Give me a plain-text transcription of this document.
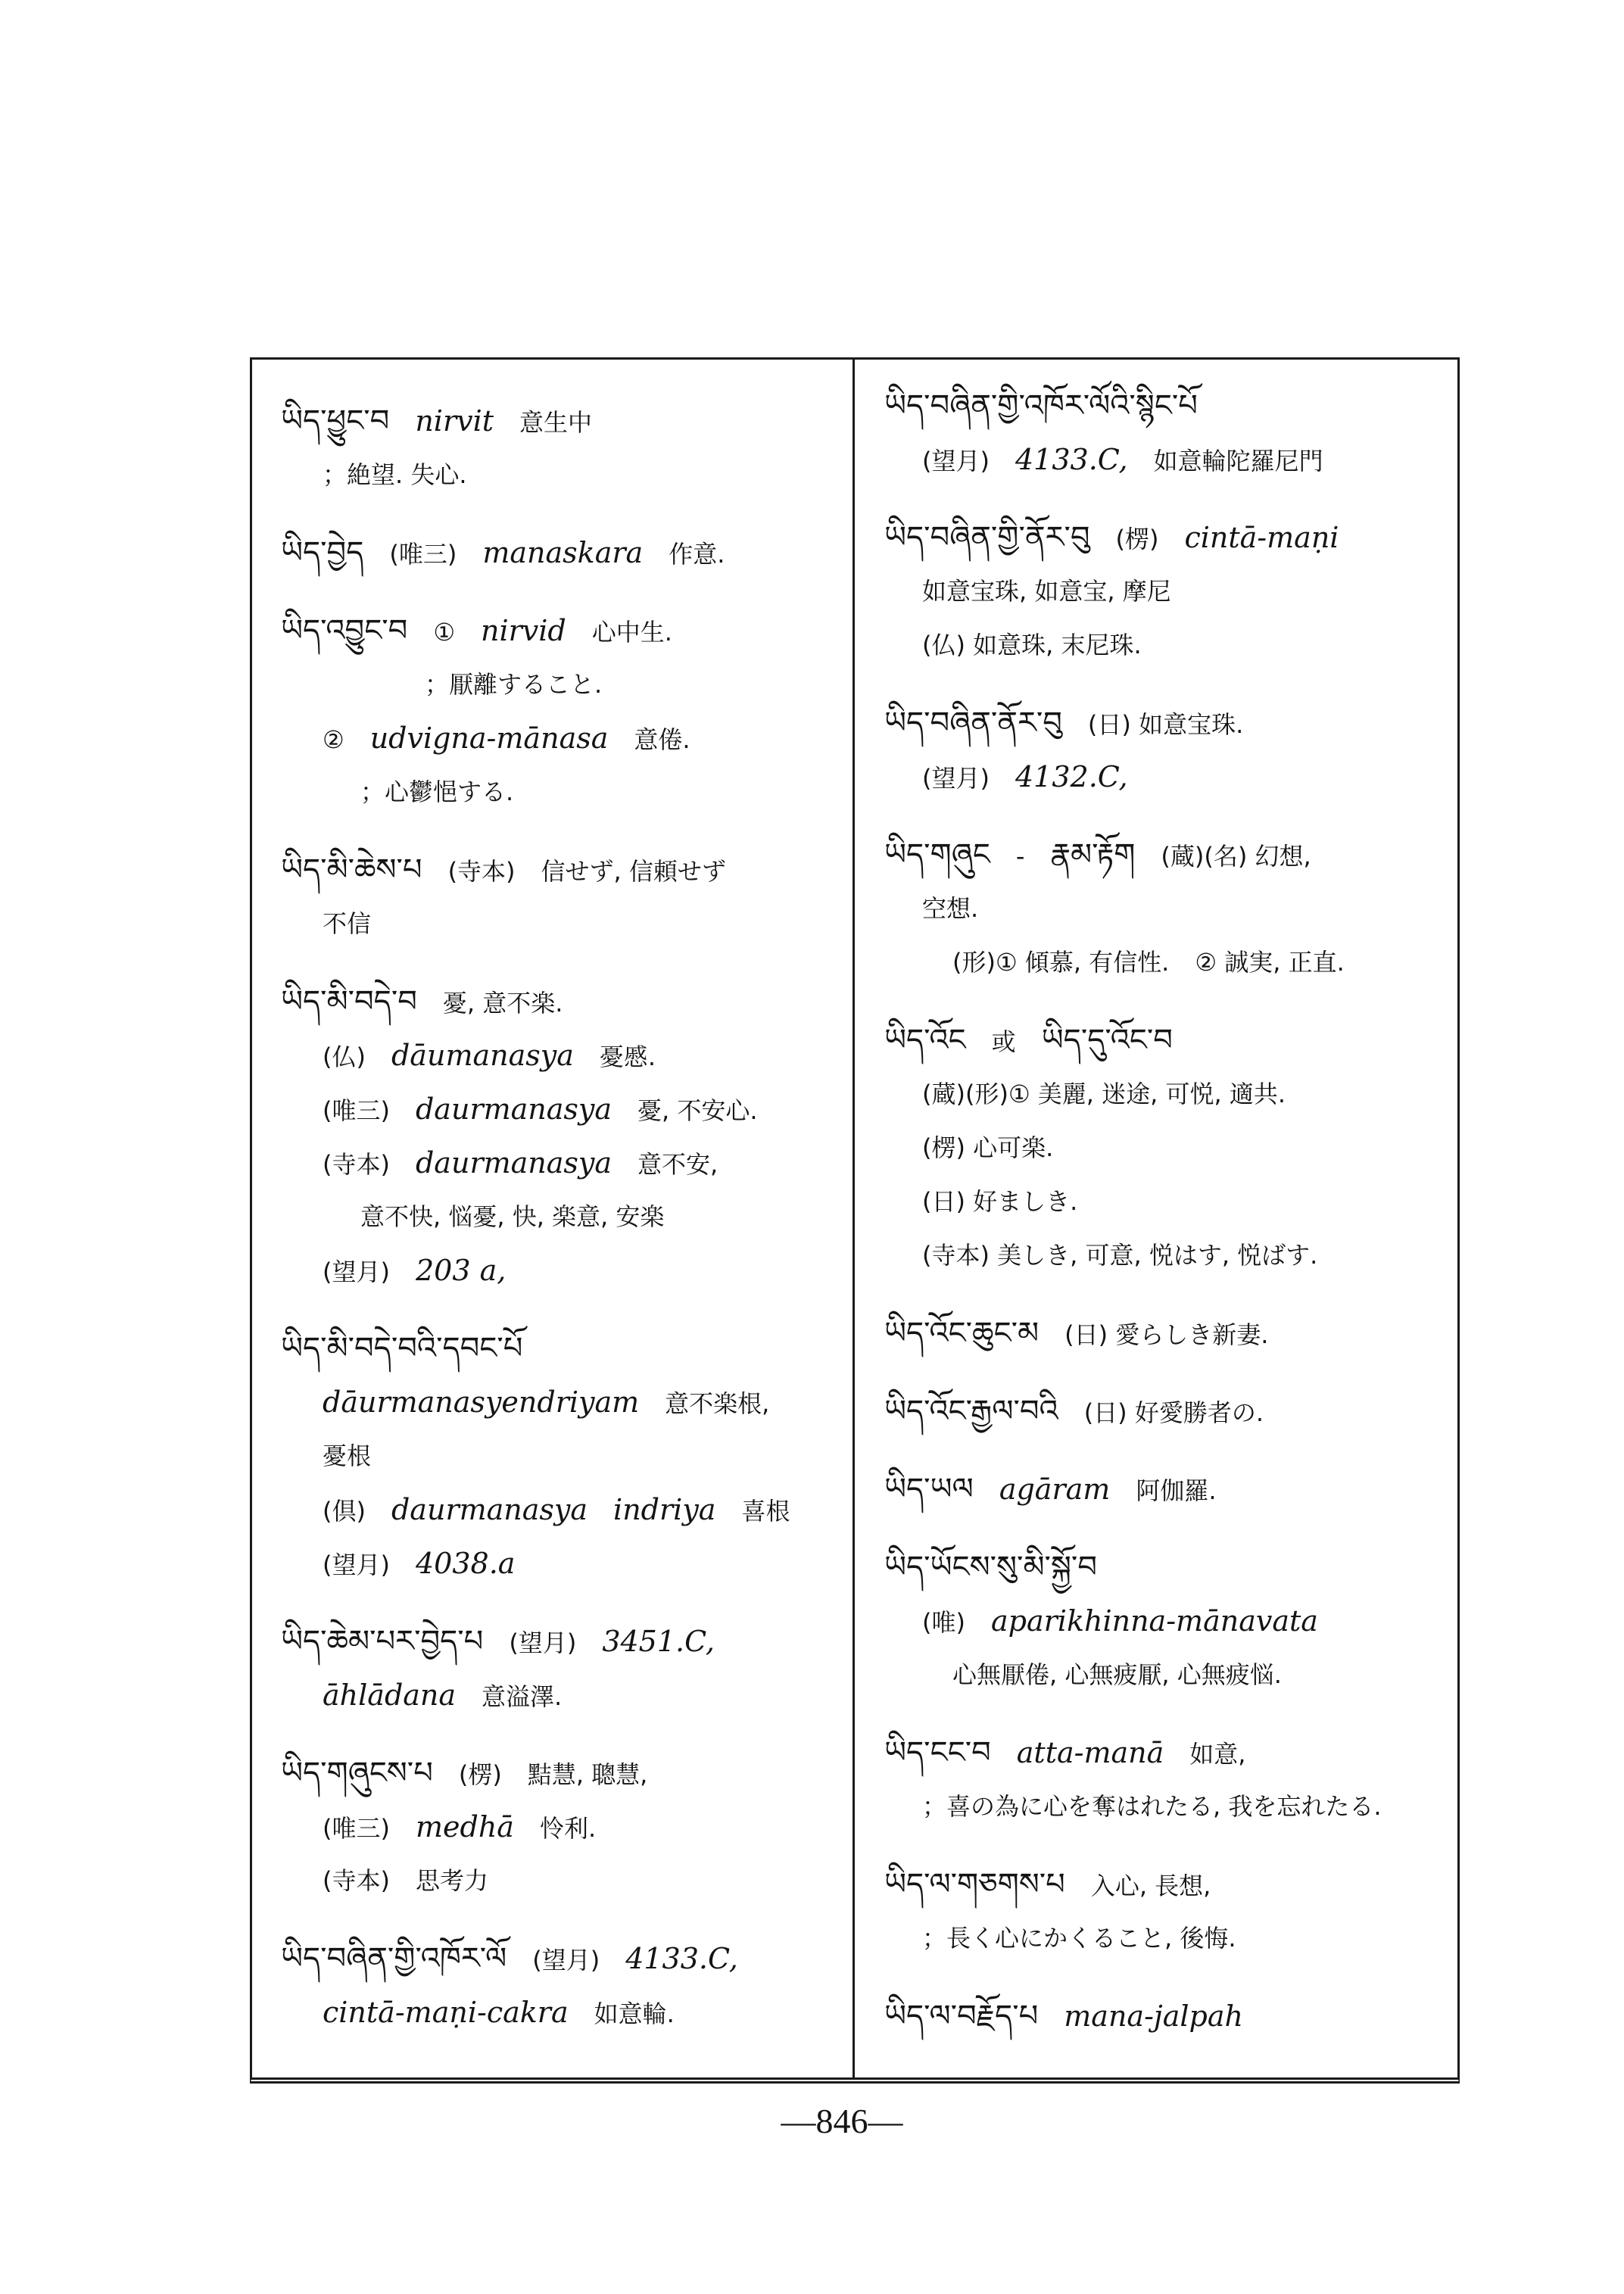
ཡིད་ཕྱུང་བ nirvit 意生中
；絶望. 失心.
ཡིད་བྱེད (唯三) manaskara 作意.
ཡིད་འབྱུང་བ ① nirvid 心中生.
；厭離すること.
② udvigna-mānasa 意倦.
；心鬱悒する.
ཡིད་མི་ཆེས་པ (寺本) 信せず, 信頼せず
不信
ཡིད་མི་བདེ་བ 憂, 意不楽.
(仏) dāumanasya 憂慼.
(唯三) daurmanasya 憂, 不安心.
(寺本) daurmanasya 意不安,
意不快, 悩憂, 快, 楽意, 安楽
(望月) 203 a,
ཡིད་མི་བདེ་བའི་དབང་པོ
dāurmanasyendriyam 意不楽根,
憂根
(倶) daurmanasya indriya 喜根
(望月) 4038.a
ཡིད་ཆེམ་པར་བྱེད་པ (望月) 3451.C,
āhlādana 意溢澤.
ཡིད་གཞུངས་པ (楞) 黠慧, 聰慧,
(唯三) medhā 怜利.
(寺本) 思考力
ཡིད་བཞིན་གྱི་འཁོར་ལོ (望月) 4133.C,
cintā-maṇi-cakra 如意輪.
ཡིད་བཞིན་གྱི་འཁོར་ལོའི་སྙིང་པོ
(望月) 4133.C, 如意輪陀羅尼門
ཡིད་བཞིན་གྱི་ནོར་བུ (楞) cintā-maṇi
如意宝珠, 如意宝, 摩尼
(仏) 如意珠, 末尼珠.
ཡིད་བཞིན་ནོར་བུ (日) 如意宝珠.
(望月) 4132.C,
ཡིད་གཞུང - རྣམ་རྟོག (蔵)(名) 幻想,
空想.
(形)① 傾慕, 有信性. ② 誠実, 正直.
ཡིད་འོང 或 ཡིད་དུ་འོང་བ
(蔵)(形)① 美麗, 迷途, 可悦, 適共.
(楞) 心可楽.
(日) 好ましき.
(寺本) 美しき, 可意, 悦はす, 悦ばす.
ཡིད་འོང་ཆུང་མ (日) 愛らしき新妻.
ཡིད་འོང་རྒྱལ་བའི (日) 好愛勝者の.
ཡིད་ཡལ agāram 阿伽羅.
ཡིད་ཡོངས་སུ་མི་སྐྱོ་བ
(唯) aparikhinna-mānavata
心無厭倦, 心無疲厭, 心無疲悩.
ཡིད་ངང་བ atta-manā 如意,
；喜の為に心を奪はれたる, 我を忘れたる.
ཡིད་ལ་གཅགས་པ 入心, 長想,
；長く心にかくること, 後悔.
ཡིད་ལ་བརྗོད་པ mana-jalpah
—846—
